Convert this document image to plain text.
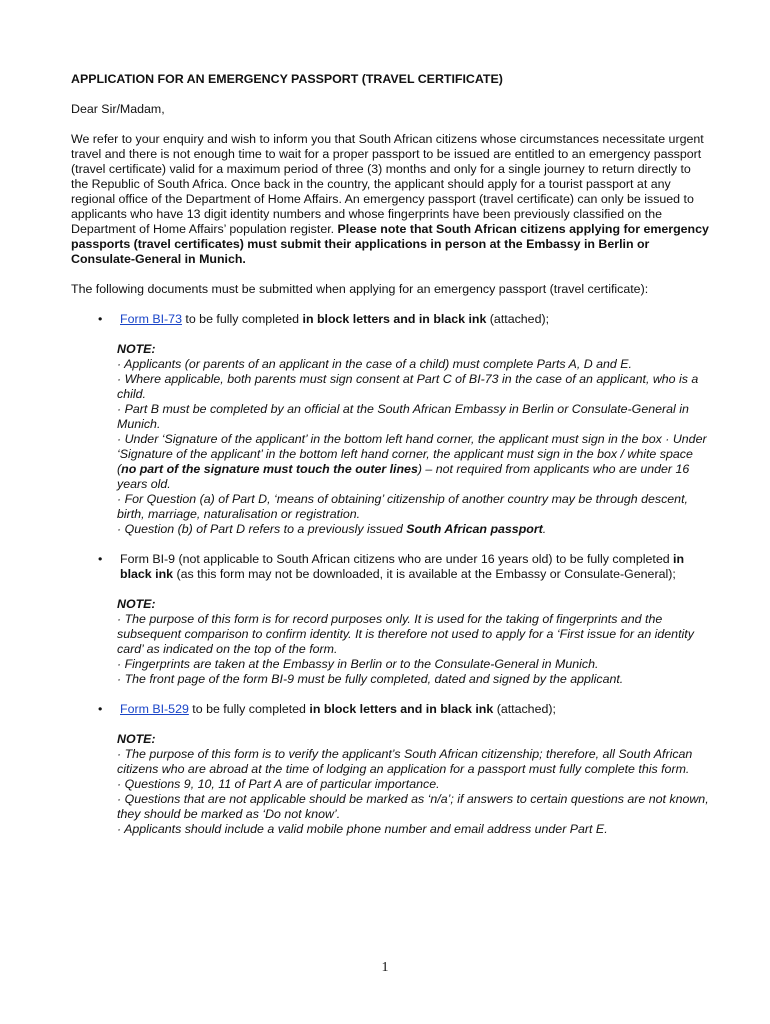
APPLICATION FOR AN EMERGENCY PASSPORT (TRAVEL CERTIFICATE)

Dear Sir/Madam,

We refer to your enquiry and wish to inform you that South African citizens whose circumstances necessitate urgent travel and there is not enough time to wait for a proper passport to be issued are entitled to an emergency passport (travel certificate) valid for a maximum period of three (3) months and only for a single journey to return directly to the Republic of South Africa. Once back in the country, the applicant should apply for a tourist passport at any regional office of the Department of Home Affairs. An emergency passport (travel certificate) can only be issued to applicants who have 13 digit identity numbers and whose fingerprints have been previously classified on the Department of Home Affairs’ population register. Please note that South African citizens applying for emergency passports (travel certificates) must submit their applications in person at the Embassy in Berlin or Consulate-General in Munich.

The following documents must be submitted when applying for an emergency passport (travel certificate):

• Form BI-73 to be fully completed in block letters and in black ink (attached);
NOTE:
· Applicants (or parents of an applicant in the case of a child) must complete Parts A, D and E.
· Where applicable, both parents must sign consent at Part C of BI-73 in the case of an applicant, who is a child.
· Part B must be completed by an official at the South African Embassy in Berlin or Consulate-General in Munich.
· Under ‘Signature of the applicant’ in the bottom left hand corner, the applicant must sign in the box · Under ‘Signature of the applicant’ in the bottom left hand corner, the applicant must sign in the box / white space (no part of the signature must touch the outer lines) – not required from applicants who are under 16 years old.
· For Question (a) of Part D, ‘means of obtaining’ citizenship of another country may be through descent, birth, marriage, naturalisation or registration.
· Question (b) of Part D refers to a previously issued South African passport.
• Form BI-9 (not applicable to South African citizens who are under 16 years old) to be fully completed in black ink (as this form may not be downloaded, it is available at the Embassy or Consulate-General);
NOTE:
· The purpose of this form is for record purposes only. It is used for the taking of fingerprints and the subsequent comparison to confirm identity. It is therefore not used to apply for a ‘First issue for an identity card’ as indicated on the top of the form.
· Fingerprints are taken at the Embassy in Berlin or to the Consulate-General in Munich.
· The front page of the form BI-9 must be fully completed, dated and signed by the applicant.
• Form BI-529 to be fully completed in block letters and in black ink (attached);
NOTE:
· The purpose of this form is to verify the applicant’s South African citizenship; therefore, all South African citizens who are abroad at the time of lodging an application for a passport must fully complete this form.
· Questions 9, 10, 11 of Part A are of particular importance.
· Questions that are not applicable should be marked as ‘n/a’; if answers to certain questions are not known, they should be marked as ‘Do not know’.
· Applicants should include a valid mobile phone number and email address under Part E.
1
